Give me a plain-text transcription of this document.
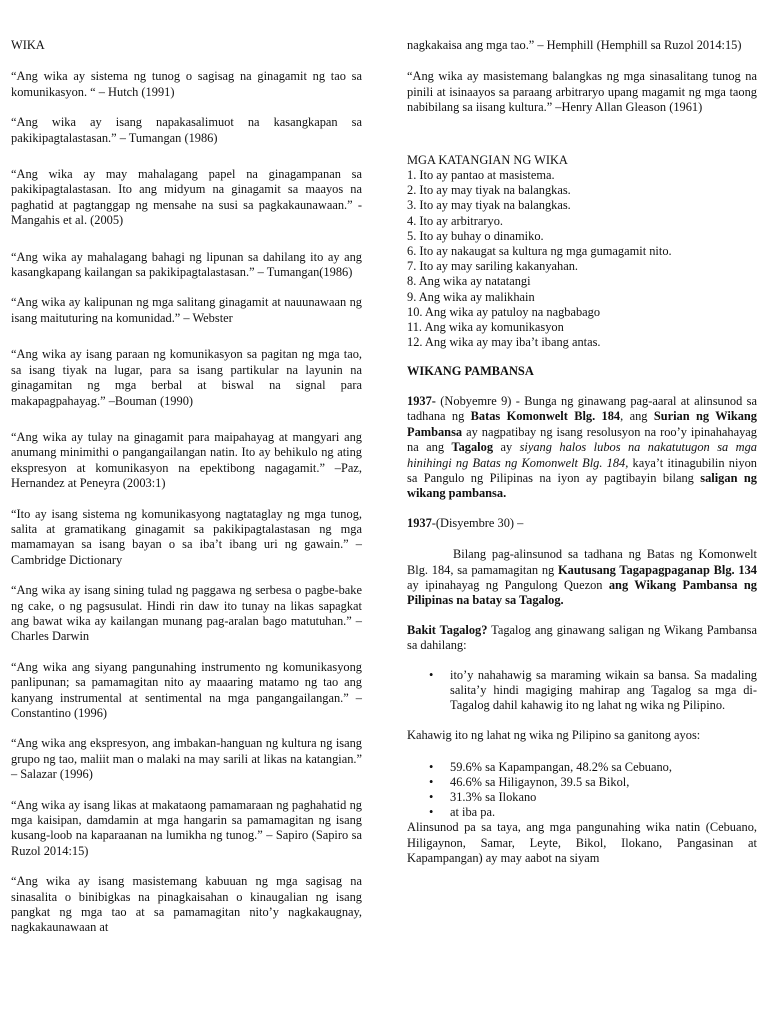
WIKA

“Ang wika ay sistema ng tunog o sagisag na ginagamit ng tao sa komunikasyon. “ – Hutch (1991)

“Ang wika ay isang napakasalimuot na kasangkapan sa pakikipagtalastasan.” – Tumangan (1986)

“Ang wika ay may mahalagang papel na ginagampanan sa pakikipagtalastasan. Ito ang midyum na ginagamit sa maayos na paghatid at pagtanggap ng mensahe na susi sa pagkakaunawaan.” - Mangahis et al. (2005)

“Ang wika ay mahalagang bahagi ng lipunan sa dahilang ito ay ang kasangkapang kailangan sa pakikipagtalastasan.” – Tumangan(1986)

“Ang wika ay kalipunan ng mga salitang ginagamit at nauunawaan ng isang maituturing na komunidad.” – Webster

“Ang wika ay isang paraan ng komunikasyon sa pagitan ng mga tao, sa isang tiyak na lugar, para sa isang partikular na layunin na ginagamitan ng mga berbal at biswal na signal para makapagpahayag.” –Bouman (1990)

“Ang wika ay tulay na ginagamit para maipahayag at mangyari ang anumang minimithi o pangangailangan natin. Ito ay behikulo ng ating ekspresyon at komunikasyon na epektibong nagagamit.” –Paz, Hernandez at Peneyra (2003:1)

“Ito ay isang sistema ng komunikasyong nagtataglay ng mga tunog, salita at gramatikang ginagamit sa pakikipagtalastasan ng mga mamamayan sa isang bayan o sa iba’t ibang uri ng gawain.” –Cambridge Dictionary

“Ang wika ay isang sining tulad ng paggawa ng serbesa o pagbe-bake ng cake, o ng pagsusulat. Hindi rin daw ito tunay na likas sapagkat ang bawat wika ay kailangan munang pag-aralan bago matutuhan.” – Charles Darwin

“Ang wika ang siyang pangunahing instrumento ng komunikasyong panlipunan; sa pamamagitan nito ay maaaring matamo ng tao ang kanyang instrumental at sentimental na mga pangangailangan.” – Constantino (1996)

“Ang wika ang ekspresyon, ang imbakan-hanguan ng kultura ng isang grupo ng tao, maliit man o malaki na may sarili at likas na katangian.” – Salazar (1996)

“Ang wika ay isang likas at makataong pamamaraan ng paghahatid ng mga kaisipan, damdamin at mga hangarin sa pamamagitan ng isang kusang-loob na kaparaanan na lumikha ng tunog.” – Sapiro (Sapiro sa Ruzol 2014:15)

“Ang wika ay isang masistemang kabuuan ng mga sagisag na sinasalita o binibigkas na pinagkaisahan o kinaugalian ng isang pangkat ng mga tao at sa pamamagitan nito’y nagkakaugnay, nagkakaunawaan at

nagkakaisa ang mga tao.” – Hemphill (Hemphill sa Ruzol 2014:15)

“Ang wika ay masistemang balangkas ng mga sinasalitang tunog na pinili at isinaayos sa paraang arbitraryo upang magamit ng mga taong nabibilang sa iisang kultura.” –Henry Allan Gleason (1961)

MGA KATANGIAN NG WIKA

1. Ito ay pantao at masistema.
2. Ito ay may tiyak na balangkas.
3. Ito ay may tiyak na balangkas.
4. Ito ay arbitraryo.
5. Ito ay buhay o dinamiko.
6. Ito ay nakaugat sa kultura ng mga gumagamit nito.
7. Ito ay may sariling kakanyahan.
8. Ang wika ay natatangi
9. Ang wika ay malikhain
10. Ang wika ay patuloy na nagbabago
11. Ang wika ay komunikasyon
12. Ang wika ay may iba’t ibang antas.

WIKANG PAMBANSA

1937- (Nobyemre 9) - Bunga ng ginawang pag-aaral at alinsunod sa tadhana ng Batas Komonwelt Blg. 184, ang Surian ng Wikang Pambansa ay nagpatibay ng isang resolusyon na roo’y ipinahahayag na ang Tagalog ay siyang halos lubos na nakatutugon sa mga hinihingi ng Batas ng Komonwelt Blg. 184, kaya’t itinagubilin niyon sa Pangulo ng Pilipinas na iyon ay pagtibayin bilang saligan ng wikang pambansa.

1937-(Disyembre 30) –

Bilang pag-alinsunod sa tadhana ng Batas ng Komonwelt Blg. 184, sa pamamagitan ng Kautusang Tagapagpaganap Blg. 134 ay ipinahayag ng Pangulong Quezon ang Wikang Pambansa ng Pilipinas na batay sa Tagalog.

Bakit Tagalog? Tagalog ang ginawang saligan ng Wikang Pambansa sa dahilang:

• ito’y nahahawig sa maraming wikain sa bansa. Sa madaling salita’y hindi magiging mahirap ang Tagalog sa mga di-Tagalog dahil kahawig ito ng lahat ng wika ng Pilipino.

Kahawig ito ng lahat ng wika ng Pilipino sa ganitong ayos:

• 59.6% sa Kapampangan, 48.2% sa Cebuano,
• 46.6% sa Hiligaynon, 39.5 sa Bikol,
• 31.3% sa Ilokano
• at iba pa.

Alinsunod pa sa taya, ang mga pangunahing wika natin (Cebuano, Hiligaynon, Samar, Leyte, Bikol, Ilokano, Pangasinan at Kapampangan) ay may aabot na siyam
